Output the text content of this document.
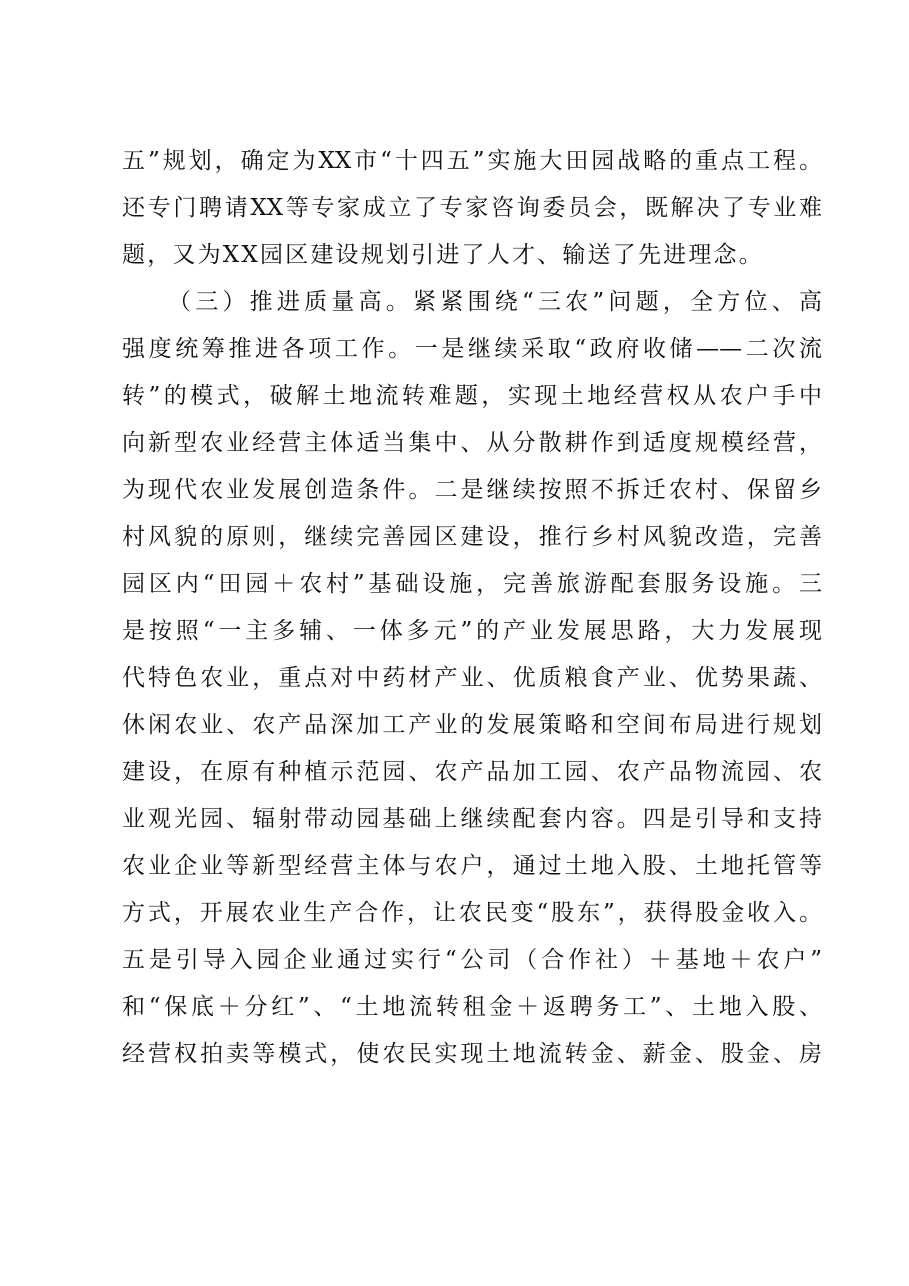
五”规划，确定为XX市“十四五”实施大田园战略的重点工程。
还专门聘请XX等专家成立了专家咨询委员会，既解决了专业难
题，又为XX园区建设规划引进了人才、输送了先进理念。
（三）推进质量高。紧紧围绕“三农”问题，全方位、高
强度统筹推进各项工作。一是继续采取“政府收储——二次流
转”的模式，破解土地流转难题，实现土地经营权从农户手中
向新型农业经营主体适当集中、从分散耕作到适度规模经营，
为现代农业发展创造条件。二是继续按照不拆迁农村、保留乡
村风貌的原则，继续完善园区建设，推行乡村风貌改造，完善
园区内“田园＋农村”基础设施，完善旅游配套服务设施。三
是按照“一主多辅、一体多元”的产业发展思路，大力发展现
代特色农业，重点对中药材产业、优质粮食产业、优势果蔬、
休闲农业、农产品深加工产业的发展策略和空间布局进行规划
建设，在原有种植示范园、农产品加工园、农产品物流园、农
业观光园、辐射带动园基础上继续配套内容。四是引导和支持
农业企业等新型经营主体与农户，通过土地入股、土地托管等
方式，开展农业生产合作，让农民变“股东”，获得股金收入。
五是引导入园企业通过实行“公司（合作社）＋基地＋农户”
和“保底＋分红”、“土地流转租金＋返聘务工”、土地入股、
经营权拍卖等模式，使农民实现土地流转金、薪金、股金、房
